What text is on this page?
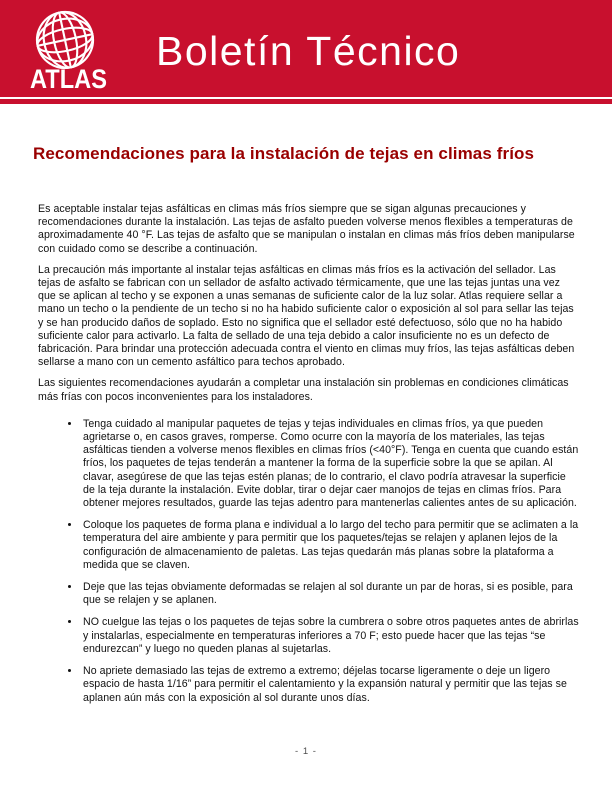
ATLAS
Boletín Técnico
Recomendaciones para la instalación de tejas en climas fríos

Es aceptable instalar tejas asfálticas en climas más fríos siempre que se sigan algunas precauciones y recomendaciones durante la instalación. Las tejas de asfalto pueden volverse menos flexibles a temperaturas de aproximadamente 40 °F. Las tejas de asfalto que se manipulan o instalan en climas más fríos deben manipularse con cuidado como se describe a continuación.

La precaución más importante al instalar tejas asfálticas en climas más fríos es la activación del sellador. Las tejas de asfalto se fabrican con un sellador de asfalto activado térmicamente, que une las tejas juntas una vez que se aplican al techo y se exponen a unas semanas de suficiente calor de la luz solar. Atlas requiere sellar a mano un techo o la pendiente de un techo si no ha habido suficiente calor o exposición al sol para sellar las tejas y se han producido daños de soplado. Esto no significa que el sellador esté defectuoso, sólo que no ha habido suficiente calor para activarlo. La falta de sellado de una teja debido a calor insuficiente no es un defecto de fabricación. Para brindar una protección adecuada contra el viento en climas muy fríos, las tejas asfálticas deben sellarse a mano con un cemento asfáltico para techos aprobado.

Las siguientes recomendaciones ayudarán a completar una instalación sin problemas en condiciones climáticas más frías con pocos inconvenientes para los instaladores.

• Tenga cuidado al manipular paquetes de tejas y tejas individuales en climas fríos, ya que pueden agrietarse o, en casos graves, romperse. Como ocurre con la mayoría de los materiales, las tejas asfálticas tienden a volverse menos flexibles en climas fríos (<40°F). Tenga en cuenta que cuando están fríos, los paquetes de tejas tenderán a mantener la forma de la superficie sobre la que se apilan. Al clavar, asegúrese de que las tejas estén planas; de lo contrario, el clavo podría atravesar la superficie de la teja durante la instalación. Evite doblar, tirar o dejar caer manojos de tejas en climas fríos. Para obtener mejores resultados, guarde las tejas adentro para mantenerlas calientes antes de su aplicación.
• Coloque los paquetes de forma plana e individual a lo largo del techo para permitir que se aclimaten a la temperatura del aire ambiente y para permitir que los paquetes/tejas se relajen y aplanen lejos de la configuración de almacenamiento de paletas. Las tejas quedarán más planas sobre la plataforma a medida que se claven.
• Deje que las tejas obviamente deformadas se relajen al sol durante un par de horas, si es posible, para que se relajen y se aplanen.
• NO cuelgue las tejas o los paquetes de tejas sobre la cumbrera o sobre otros paquetes antes de abrirlas y instalarlas, especialmente en temperaturas inferiores a 70 F; esto puede hacer que las tejas “se endurezcan” y luego no queden planas al sujetarlas.
• No apriete demasiado las tejas de extremo a extremo; déjelas tocarse ligeramente o deje un ligero espacio de hasta 1/16” para permitir el calentamiento y la expansión natural y permitir que las tejas se aplanen aún más con la exposición al sol durante unos días.
- 1 -
